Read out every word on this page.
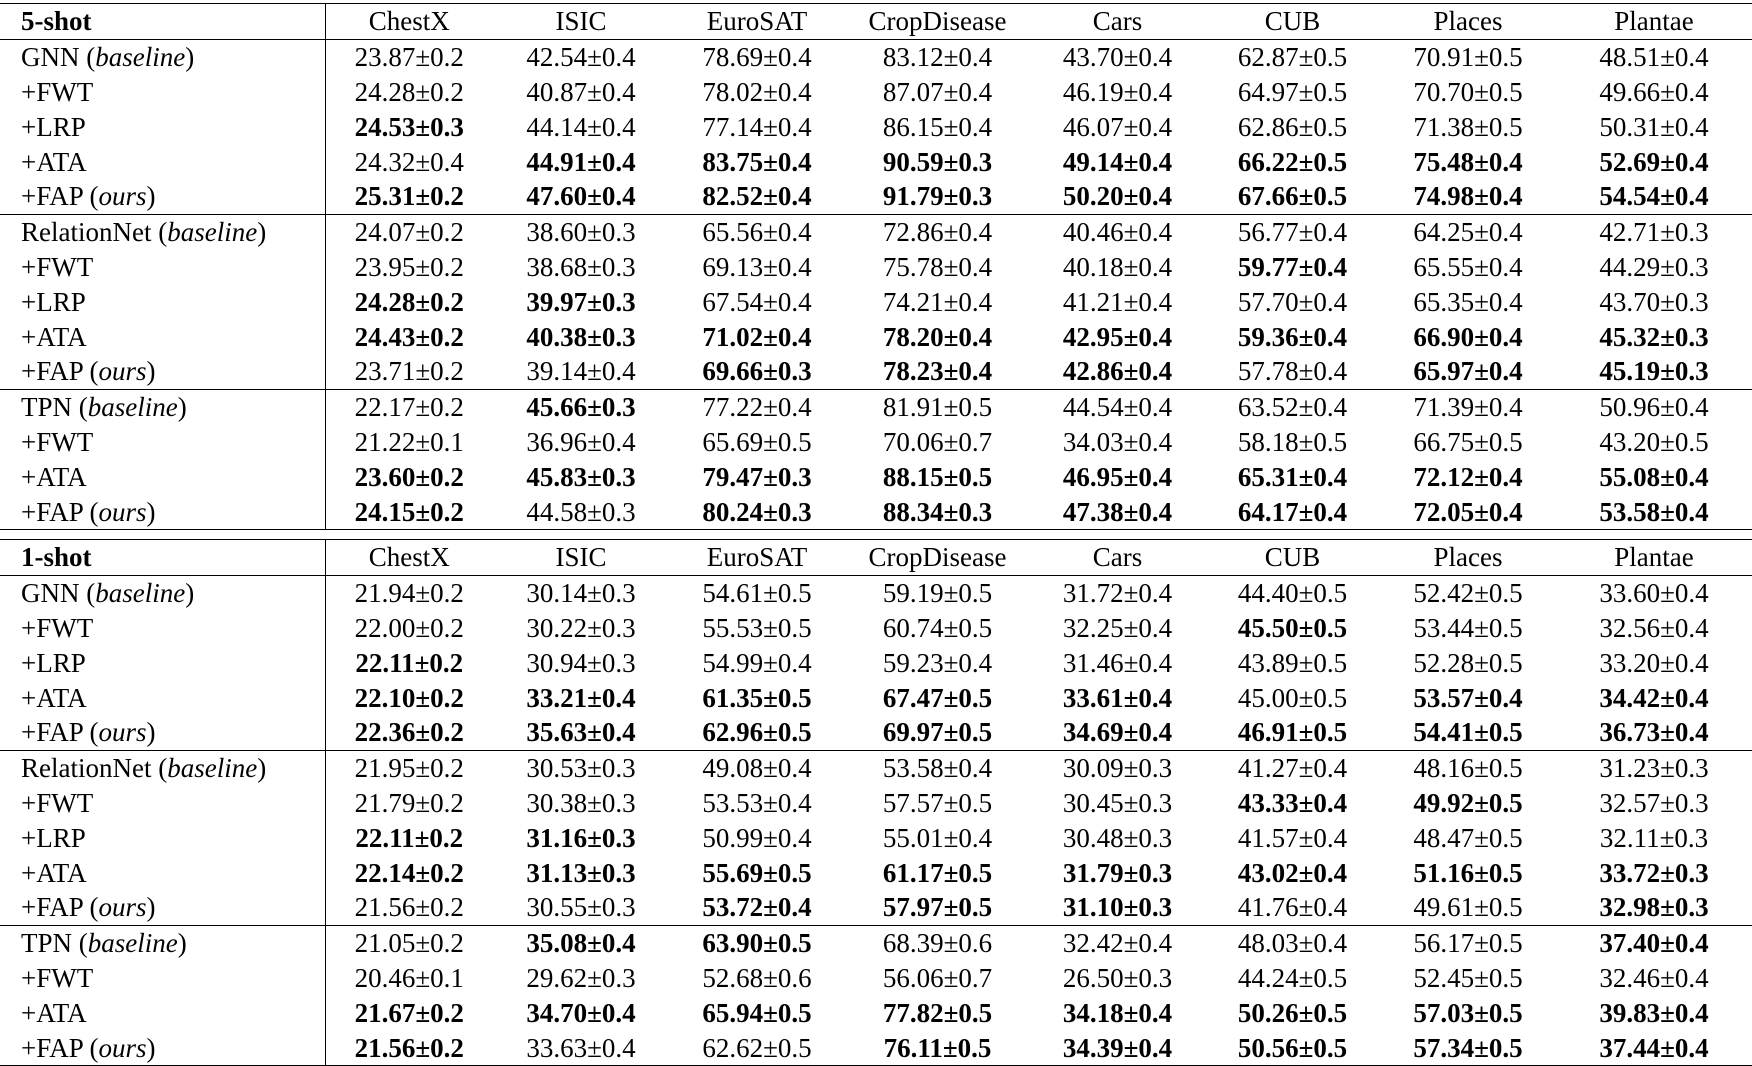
5-shot	ChestX	ISIC	EuroSAT	CropDisease	Cars	CUB	Places	Plantae
GNN (baseline)	23.87±0.2	42.54±0.4	78.69±0.4	83.12±0.4	43.70±0.4	62.87±0.5	70.91±0.5	48.51±0.4
+FWT	24.28±0.2	40.87±0.4	78.02±0.4	87.07±0.4	46.19±0.4	64.97±0.5	70.70±0.5	49.66±0.4
+LRP	24.53±0.3	44.14±0.4	77.14±0.4	86.15±0.4	46.07±0.4	62.86±0.5	71.38±0.5	50.31±0.4
+ATA	24.32±0.4	44.91±0.4	83.75±0.4	90.59±0.3	49.14±0.4	66.22±0.5	75.48±0.4	52.69±0.4
+FAP (ours)	25.31±0.2	47.60±0.4	82.52±0.4	91.79±0.3	50.20±0.4	67.66±0.5	74.98±0.4	54.54±0.4
RelationNet (baseline)	24.07±0.2	38.60±0.3	65.56±0.4	72.86±0.4	40.46±0.4	56.77±0.4	64.25±0.4	42.71±0.3
+FWT	23.95±0.2	38.68±0.3	69.13±0.4	75.78±0.4	40.18±0.4	59.77±0.4	65.55±0.4	44.29±0.3
+LRP	24.28±0.2	39.97±0.3	67.54±0.4	74.21±0.4	41.21±0.4	57.70±0.4	65.35±0.4	43.70±0.3
+ATA	24.43±0.2	40.38±0.3	71.02±0.4	78.20±0.4	42.95±0.4	59.36±0.4	66.90±0.4	45.32±0.3
+FAP (ours)	23.71±0.2	39.14±0.4	69.66±0.3	78.23±0.4	42.86±0.4	57.78±0.4	65.97±0.4	45.19±0.3
TPN (baseline)	22.17±0.2	45.66±0.3	77.22±0.4	81.91±0.5	44.54±0.4	63.52±0.4	71.39±0.4	50.96±0.4
+FWT	21.22±0.1	36.96±0.4	65.69±0.5	70.06±0.7	34.03±0.4	58.18±0.5	66.75±0.5	43.20±0.5
+ATA	23.60±0.2	45.83±0.3	79.47±0.3	88.15±0.5	46.95±0.4	65.31±0.4	72.12±0.4	55.08±0.4
+FAP (ours)	24.15±0.2	44.58±0.3	80.24±0.3	88.34±0.3	47.38±0.4	64.17±0.4	72.05±0.4	53.58±0.4

1-shot	ChestX	ISIC	EuroSAT	CropDisease	Cars	CUB	Places	Plantae
GNN (baseline)	21.94±0.2	30.14±0.3	54.61±0.5	59.19±0.5	31.72±0.4	44.40±0.5	52.42±0.5	33.60±0.4
+FWT	22.00±0.2	30.22±0.3	55.53±0.5	60.74±0.5	32.25±0.4	45.50±0.5	53.44±0.5	32.56±0.4
+LRP	22.11±0.2	30.94±0.3	54.99±0.4	59.23±0.4	31.46±0.4	43.89±0.5	52.28±0.5	33.20±0.4
+ATA	22.10±0.2	33.21±0.4	61.35±0.5	67.47±0.5	33.61±0.4	45.00±0.5	53.57±0.4	34.42±0.4
+FAP (ours)	22.36±0.2	35.63±0.4	62.96±0.5	69.97±0.5	34.69±0.4	46.91±0.5	54.41±0.5	36.73±0.4
RelationNet (baseline)	21.95±0.2	30.53±0.3	49.08±0.4	53.58±0.4	30.09±0.3	41.27±0.4	48.16±0.5	31.23±0.3
+FWT	21.79±0.2	30.38±0.3	53.53±0.4	57.57±0.5	30.45±0.3	43.33±0.4	49.92±0.5	32.57±0.3
+LRP	22.11±0.2	31.16±0.3	50.99±0.4	55.01±0.4	30.48±0.3	41.57±0.4	48.47±0.5	32.11±0.3
+ATA	22.14±0.2	31.13±0.3	55.69±0.5	61.17±0.5	31.79±0.3	43.02±0.4	51.16±0.5	33.72±0.3
+FAP (ours)	21.56±0.2	30.55±0.3	53.72±0.4	57.97±0.5	31.10±0.3	41.76±0.4	49.61±0.5	32.98±0.3
TPN (baseline)	21.05±0.2	35.08±0.4	63.90±0.5	68.39±0.6	32.42±0.4	48.03±0.4	56.17±0.5	37.40±0.4
+FWT	20.46±0.1	29.62±0.3	52.68±0.6	56.06±0.7	26.50±0.3	44.24±0.5	52.45±0.5	32.46±0.4
+ATA	21.67±0.2	34.70±0.4	65.94±0.5	77.82±0.5	34.18±0.4	50.26±0.5	57.03±0.5	39.83±0.4
+FAP (ours)	21.56±0.2	33.63±0.4	62.62±0.5	76.11±0.5	34.39±0.4	50.56±0.5	57.34±0.5	37.44±0.4
